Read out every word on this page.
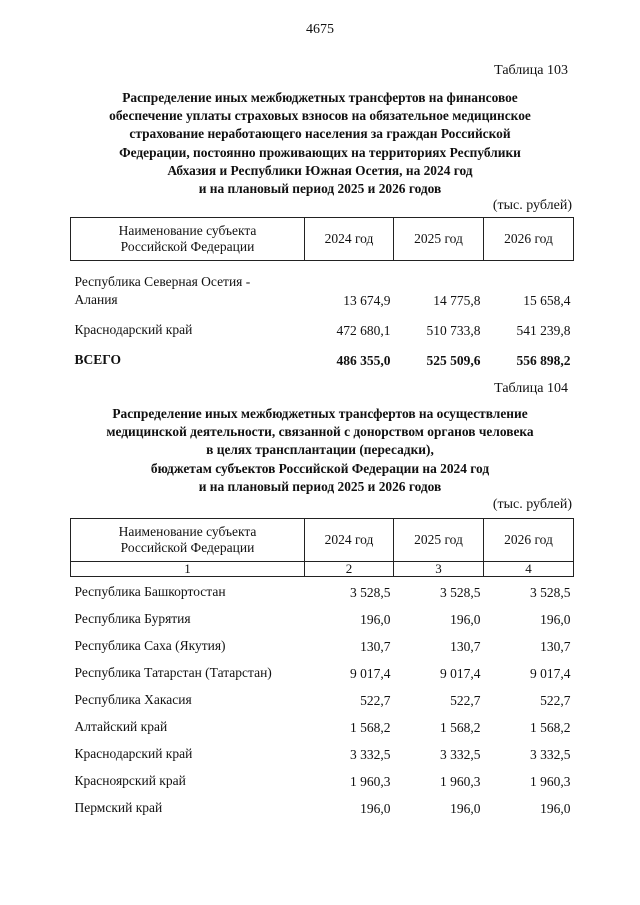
4675
Таблица 103
Распределение иных межбюджетных трансфертов на финансовое
обеспечение уплаты страховых взносов на обязательное медицинское
страхование неработающего населения за граждан Российской
Федерации, постоянно проживающих на территориях Республики
Абхазия и Республики Южная Осетия, на 2024 год
и на плановый период 2025 и 2026 годов
(тыс. рублей)
Наименование субъекта
Российской Федерации	2024 год	2025 год	2026 год

Республика Северная Осетия -
Алания	13 674,9	14 775,8	15 658,4
Краснодарский край	472 680,1	510 733,8	541 239,8
ВСЕГО	486 355,0	525 509,6	556 898,2
Таблица 104
Распределение иных межбюджетных трансфертов на осуществление
медицинской деятельности, связанной с донорством органов человека
в целях трансплантации (пересадки),
бюджетам субъектов Российской Федерации на 2024 год
и на плановый период 2025 и 2026 годов
(тыс. рублей)
Наименование субъекта
Российской Федерации	2024 год	2025 год	2026 год
1	2	3	4
Республика Башкортостан	3 528,5	3 528,5	3 528,5
Республика Бурятия	196,0	196,0	196,0
Республика Саха (Якутия)	130,7	130,7	130,7
Республика Татарстан (Татарстан)	9 017,4	9 017,4	9 017,4
Республика Хакасия	522,7	522,7	522,7
Алтайский край	1 568,2	1 568,2	1 568,2
Краснодарский край	3 332,5	3 332,5	3 332,5
Красноярский край	1 960,3	1 960,3	1 960,3
Пермский край	196,0	196,0	196,0
